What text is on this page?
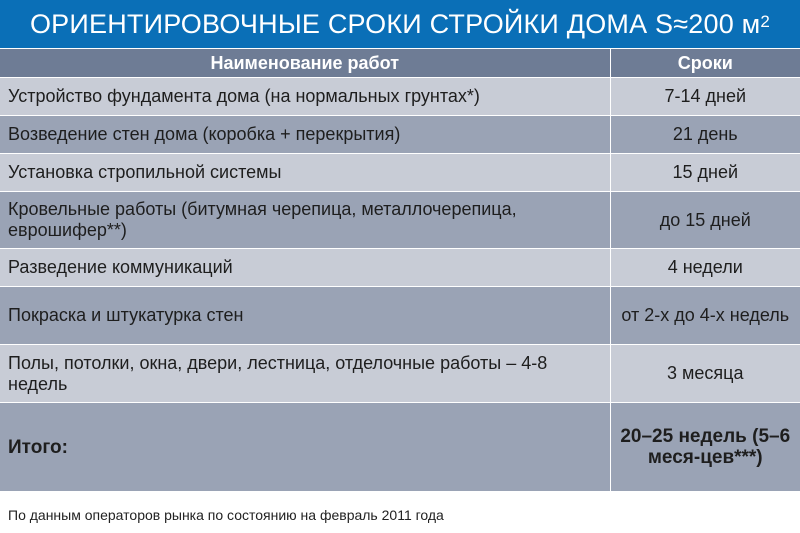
ОРИЕНТИРОВОЧНЫЕ СРОКИ СТРОЙКИ ДОМА S≈200 $м^2$
Наименование работ	Сроки
Устройство фундамента дома (на нормальных грунтах*)	7-14 дней
Возведение стен дома (коробка + перекрытия)	21 день
Установка стропильной системы	15 дней
Кровельные работы (битумная черепица, металлочерепица, еврошифер**)	до 15 дней
Разведение коммуникаций	4 недели
Покраска и штукатурка стен	от 2-х до 4-х недель
Полы, потолки, окна, двери, лестница, отделочные работы – 4-8 недель	3 месяца
Итого:	20–25 недель (5–6 меся-цев***)
По данным операторов рынка по состоянию на февраль 2011 года
